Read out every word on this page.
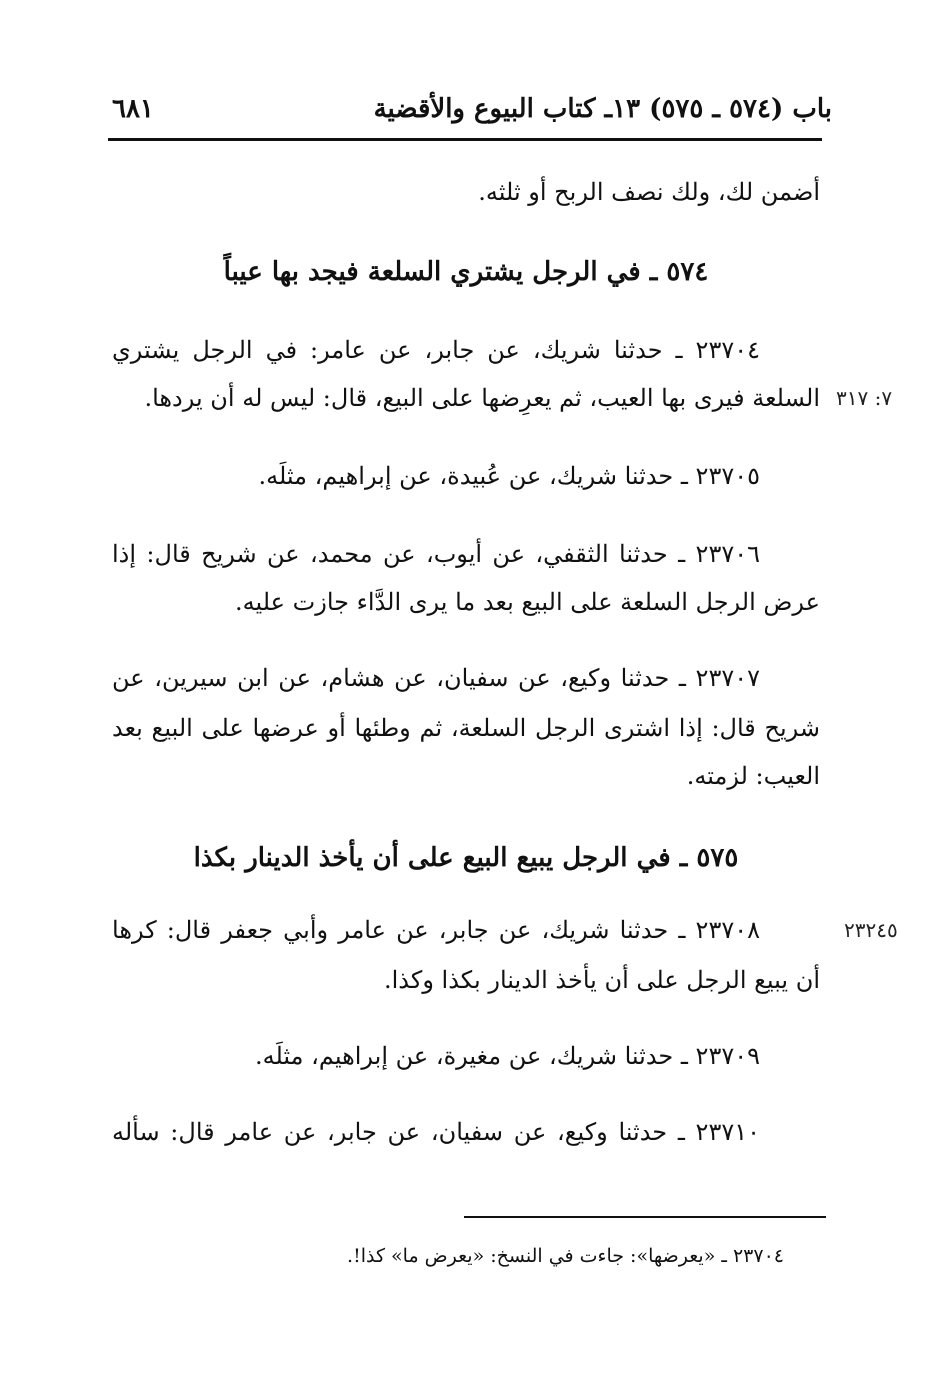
باب (٥٧٤ ـ ٥٧٥) ١٣ـ كتاب البيوع والأقضية
٦٨١
أضمن لك، ولك نصف الربح أو ثلثه.
٥٧٤ ـ في الرجل يشتري السلعة فيجد بها عيباً
٢٣٧٠٤ ـ حدثنا شريك، عن جابر، عن عامر: في الرجل يشتري
السلعة فيرى بها العيب، ثم يعرِضها على البيع، قال: ليس له أن يردها. ٧: ٣١٧
٢٣٧٠٥ ـ حدثنا شريك، عن عُبيدة، عن إبراهيم، مثلَه.
٢٣٧٠٦ ـ حدثنا الثقفي، عن أيوب، عن محمد، عن شريح قال: إذا
عرض الرجل السلعة على البيع بعد ما يرى الدَّاء جازت عليه.
٢٣٧٠٧ ـ حدثنا وكيع، عن سفيان، عن هشام، عن ابن سيرين، عن
شريح قال: إذا اشترى الرجل السلعة، ثم وطئها أو عرضها على البيع بعد
العيب: لزمته.
٥٧٥ ـ في الرجل يبيع البيع على أن يأخذ الدينار بكذا
٢٣٧٠٨ ـ حدثنا شريك، عن جابر، عن عامر وأبي جعفر قال: كرها	٢٣٢٤٥
أن يبيع الرجل على أن يأخذ الدينار بكذا وكذا.
٢٣٧٠٩ ـ حدثنا شريك، عن مغيرة، عن إبراهيم، مثلَه.
٢٣٧١٠ ـ حدثنا وكيع، عن سفيان، عن جابر، عن عامر قال: سأله
٢٣٧٠٤ ـ «يعرضها»: جاءت في النسخ: «يعرض ما» كذا!.
